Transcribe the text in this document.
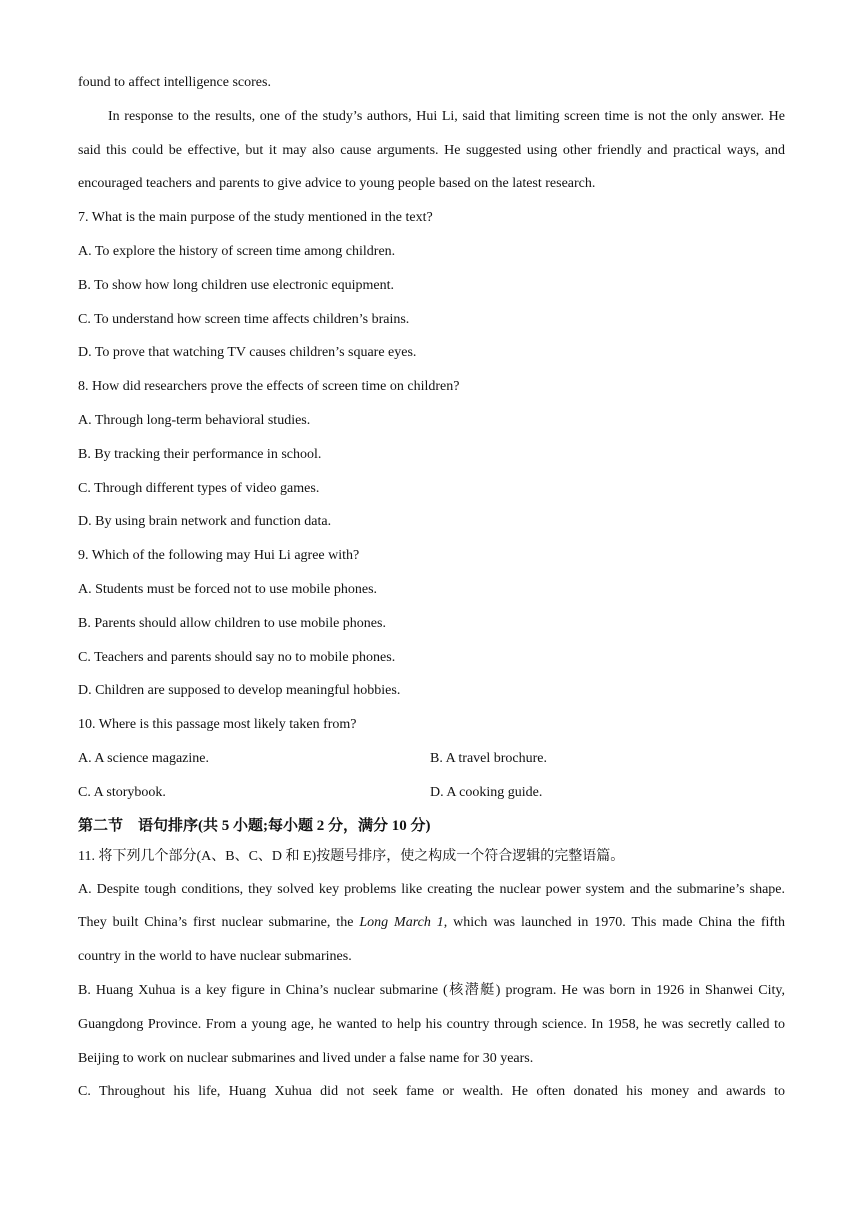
found to affect intelligence scores.
In response to the results, one of the study’s authors, Hui Li, said that limiting screen time is not the only answer. He said this could be effective, but it may also cause arguments. He suggested using other friendly and practical ways, and encouraged teachers and parents to give advice to young people based on the latest research.
7. What is the main purpose of the study mentioned in the text?
A. To explore the history of screen time among children.
B. To show how long children use electronic equipment.
C. To understand how screen time affects children’s brains.
D. To prove that watching TV causes children’s square eyes.
8. How did researchers prove the effects of screen time on children?
A. Through long-term behavioral studies.
B. By tracking their performance in school.
C. Through different types of video games.
D. By using brain network and function data.
9. Which of the following may Hui Li agree with?
A. Students must be forced not to use mobile phones.
B. Parents should allow children to use mobile phones.
C. Teachers and parents should say no to mobile phones.
D. Children are supposed to develop meaningful hobbies.
10. Where is this passage most likely taken from?
A. A science magazine.	B. A travel brochure.
C. A storybook.	D. A cooking guide.
第二节　语句排序(共 5 小题;每小题 2 分，满分 10 分)
11. 将下列几个部分(A、B、C、D 和 E)按题号排序，使之构成一个符合逻辑的完整语篇。
A. Despite tough conditions, they solved key problems like creating the nuclear power system and the submarine’s shape. They built China’s first nuclear submarine, the Long March 1, which was launched in 1970. This made China the fifth country in the world to have nuclear submarines.
B. Huang Xuhua is a key figure in China’s nuclear submarine (核潜艇) program. He was born in 1926 in Shanwei City, Guangdong Province. From a young age, he wanted to help his country through science. In 1958, he was secretly called to Beijing to work on nuclear submarines and lived under a false name for 30 years.
C. Throughout his life, Huang Xuhua did not seek fame or wealth. He often donated his money and awards to
